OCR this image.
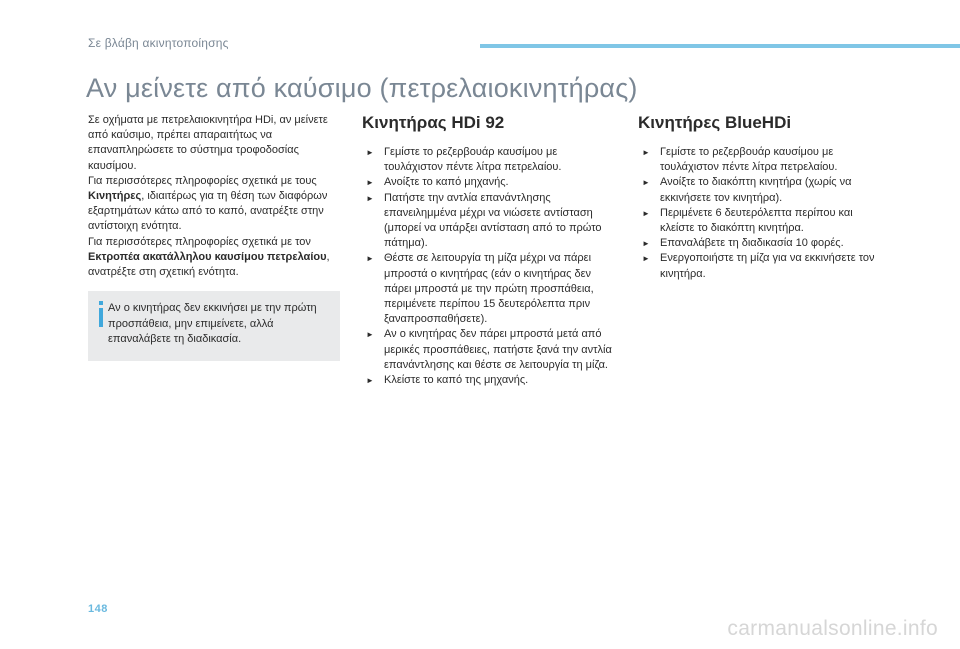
Σε βλάβη ακινητοποίησης
Αν μείνετε από καύσιμο (πετρελαιοκινητήρας)

Σε οχήματα με πετρελαιοκινητήρα HDi, αν μείνετε από καύσιμο, πρέπει απαραιτήτως να επαναπληρώσετε το σύστημα τροφοδοσίας καυσίμου.

Για περισσότερες πληροφορίες σχετικά με τους Κινητήρες, ιδιαιτέρως για τη θέση των διαφόρων εξαρτημάτων κάτω από το καπό, ανατρέξτε στην αντίστοιχη ενότητα.

Για περισσότερες πληροφορίες σχετικά με τον Εκτροπέα ακατάλληλου καυσίμου πετρελαίου, ανατρέξτε στη σχετική ενότητα.

Αν ο κινητήρας δεν εκκινήσει με την πρώτη προσπάθεια, μην επιμείνετε, αλλά επαναλάβετε τη διαδικασία.
Κινητήρας HDi 92
► Γεμίστε το ρεζερβουάρ καυσίμου με τουλάχιστον πέντε λίτρα πετρελαίου.
► Ανοίξτε το καπό μηχανής.
► Πατήστε την αντλία επανάντλησης επανειλημμένα μέχρι να νιώσετε αντίσταση (μπορεί να υπάρξει αντίσταση από το πρώτο πάτημα).
► Θέστε σε λειτουργία τη μίζα μέχρι να πάρει μπροστά ο κινητήρας (εάν ο κινητήρας δεν πάρει μπροστά με την πρώτη προσπάθεια, περιμένετε περίπου 15 δευτερόλεπτα πριν ξαναπροσπαθήσετε).
► Αν ο κινητήρας δεν πάρει μπροστά μετά από μερικές προσπάθειες, πατήστε ξανά την αντλία επανάντλησης και θέστε σε λειτουργία τη μίζα.
► Κλείστε το καπό της μηχανής.
Κινητήρες BlueHDi
► Γεμίστε το ρεζερβουάρ καυσίμου με τουλάχιστον πέντε λίτρα πετρελαίου.
► Ανοίξτε το διακόπτη κινητήρα (χωρίς να εκκινήσετε τον κινητήρα).
► Περιμένετε 6 δευτερόλεπτα περίπου και κλείστε το διακόπτη κινητήρα.
► Επαναλάβετε τη διαδικασία 10 φορές.
► Ενεργοποιήστε τη μίζα για να εκκινήσετε τον κινητήρα.
148
carmanualsonline.info
